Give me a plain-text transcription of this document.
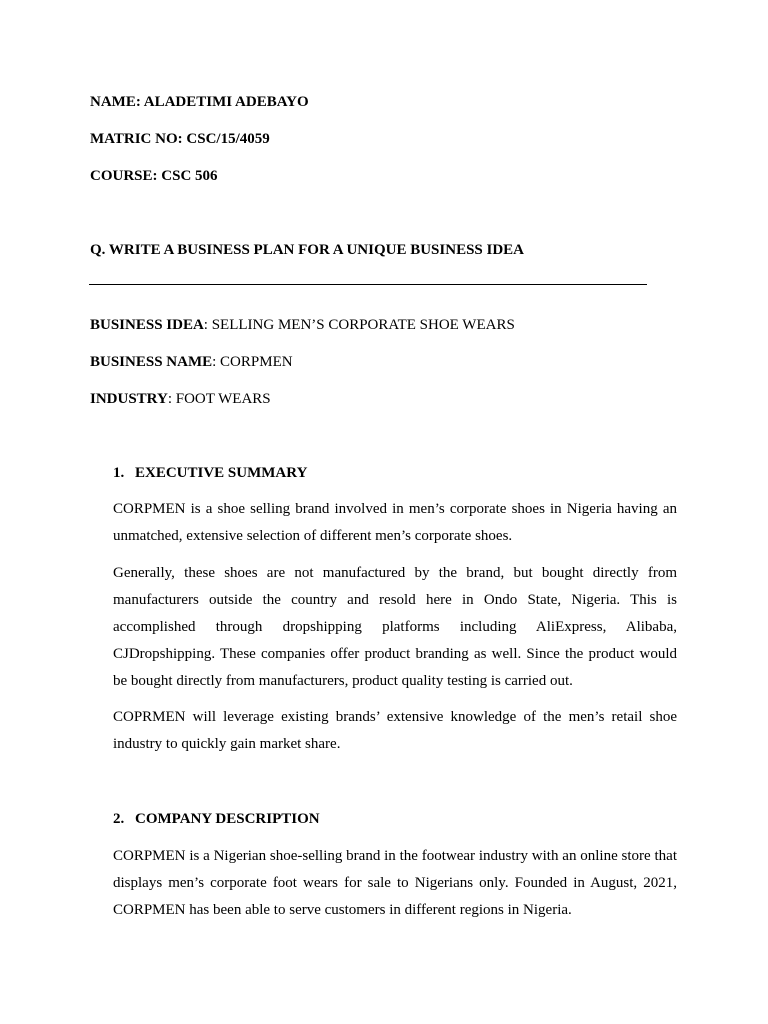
NAME: ALADETIMI ADEBAYO
MATRIC NO: CSC/15/4059
COURSE: CSC 506
Q. WRITE A BUSINESS PLAN FOR A UNIQUE BUSINESS IDEA
BUSINESS IDEA: SELLING MEN’S CORPORATE SHOE WEARS
BUSINESS NAME: CORPMEN
INDUSTRY: FOOT WEARS
1. EXECUTIVE SUMMARY

CORPMEN is a shoe selling brand involved in men’s corporate shoes in Nigeria having an unmatched, extensive selection of different men’s corporate shoes.

Generally, these shoes are not manufactured by the brand, but bought directly from manufacturers outside the country and resold here in Ondo State, Nigeria. This is accomplished through dropshipping platforms including AliExpress, Alibaba, CJDropshipping. These companies offer product branding as well. Since the product would be bought directly from manufacturers, product quality testing is carried out.

COPRMEN will leverage existing brands’ extensive knowledge of the men’s retail shoe industry to quickly gain market share.

2. COMPANY DESCRIPTION

CORPMEN is a Nigerian shoe-selling brand in the footwear industry with an online store that displays men’s corporate foot wears for sale to Nigerians only. Founded in August, 2021, CORPMEN has been able to serve customers in different regions in Nigeria.
